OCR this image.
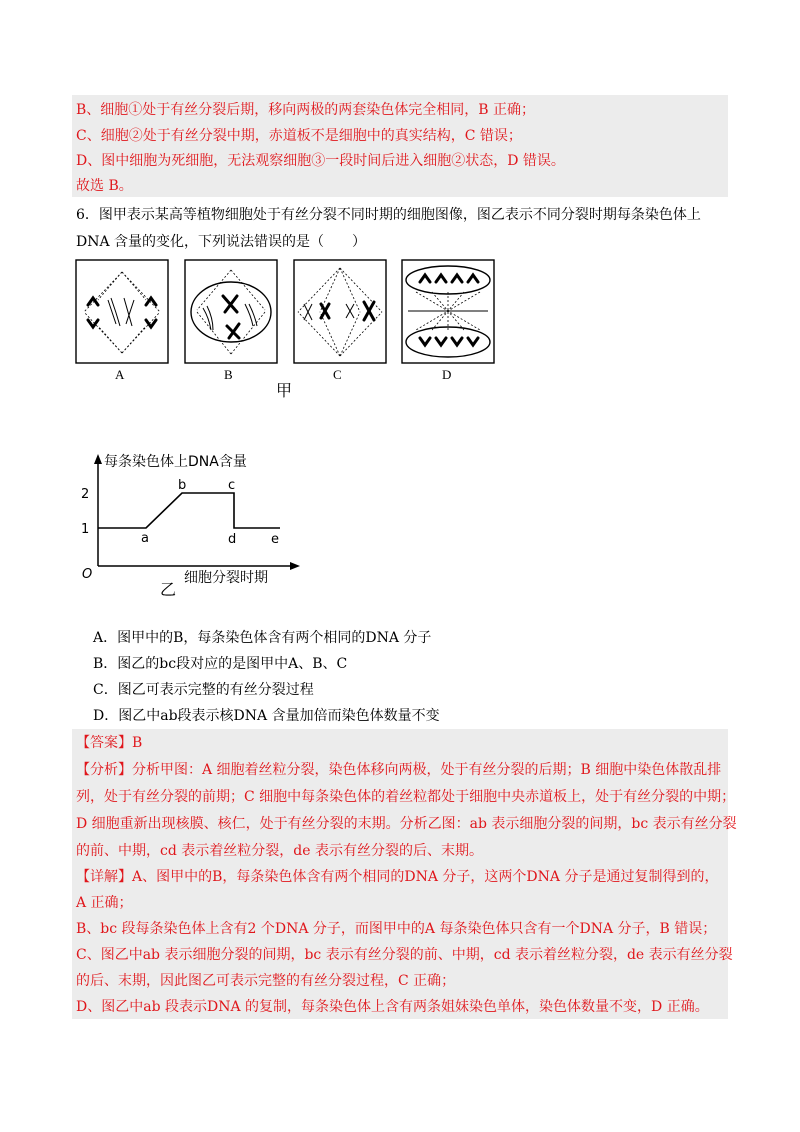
B、细胞①处于有丝分裂后期，移向两极的两套染色体完全相同，B 正确；
C、细胞②处于有丝分裂中期，赤道板不是细胞中的真实结构，C 错误；
D、图中细胞为死细胞，无法观察细胞③一段时间后进入细胞②状态，D 错误。
故选 B。
6．图甲表示某高等植物细胞处于有丝分裂不同时期的细胞图像，图乙表示不同分裂时期每条染色体上
DNA 含量的变化，下列说法错误的是（　　）
A	B	C	D
甲
1
2
O
a
b	c
d	e
每条染色体上DNA含量
细胞分裂时期
乙
A．图甲中的B，每条染色体含有两个相同的DNA 分子
B．图乙的bc段对应的是图甲中A、B、C
C．图乙可表示完整的有丝分裂过程
D．图乙中ab段表示核DNA 含量加倍而染色体数量不变
【答案】B
【分析】分析甲图：A 细胞着丝粒分裂，染色体移向两极，处于有丝分裂的后期；B 细胞中染色体散乱排
列，处于有丝分裂的前期；C 细胞中每条染色体的着丝粒都处于细胞中央赤道板上，处于有丝分裂的中期；
D 细胞重新出现核膜、核仁，处于有丝分裂的末期。分析乙图：ab 表示细胞分裂的间期，bc 表示有丝分裂
的前、中期，cd 表示着丝粒分裂，de 表示有丝分裂的后、末期。
【详解】A、图甲中的B，每条染色体含有两个相同的DNA 分子，这两个DNA 分子是通过复制得到的，
A 正确；
B、bc 段每条染色体上含有2 个DNA 分子，而图甲中的A 每条染色体只含有一个DNA 分子，B 错误；
C、图乙中ab 表示细胞分裂的间期，bc 表示有丝分裂的前、中期，cd 表示着丝粒分裂，de 表示有丝分裂
的后、末期，因此图乙可表示完整的有丝分裂过程，C 正确；
D、图乙中ab 段表示DNA 的复制，每条染色体上含有两条姐妹染色单体，染色体数量不变，D 正确。
